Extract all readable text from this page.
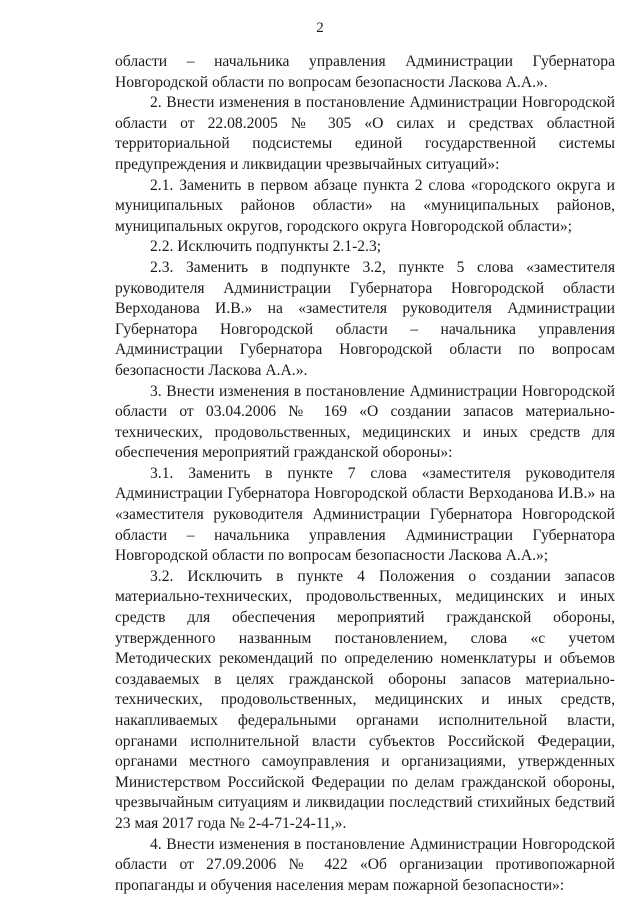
2

области – начальника управления Администрации Губернатора Новгородской области по вопросам безопасности Ласкова А.А.».

2. Внести изменения в постановление Администрации Новгородской области от 22.08.2005 № 305 «О силах и средствах областной территориальной подсистемы единой государственной системы предупреждения и ликвидации чрезвычайных ситуаций»:

2.1. Заменить в первом абзаце пункта 2 слова «городского округа и муниципальных районов области» на «муниципальных районов, муниципальных округов, городского округа Новгородской области»;

2.2. Исключить подпункты 2.1-2.3;

2.3. Заменить в подпункте 3.2, пункте 5 слова «заместителя руководителя Администрации Губернатора Новгородской области Верходанова И.В.» на «заместителя руководителя Администрации Губернатора Новгородской области – начальника управления Администрации Губернатора Новгородской области по вопросам безопасности Ласкова А.А.».

3. Внести изменения в постановление Администрации Новгородской области от 03.04.2006 № 169 «О создании запасов материально-технических, продовольственных, медицинских и иных средств для обеспечения мероприятий гражданской обороны»:

3.1. Заменить в пункте 7 слова «заместителя руководителя Администрации Губернатора Новгородской области Верходанова И.В.» на «заместителя руководителя Администрации Губернатора Новгородской области – начальника управления Администрации Губернатора Новгородской области по вопросам безопасности Ласкова А.А.»;

3.2. Исключить в пункте 4 Положения о создании запасов материально-технических, продовольственных, медицинских и иных средств для обеспечения мероприятий гражданской обороны, утвержденного названным постановлением, слова «с учетом Методических рекомендаций по определению номенклатуры и объемов создаваемых в целях гражданской обороны запасов материально-технических, продовольственных, медицинских и иных средств, накапливаемых федеральными органами исполнительной власти, органами исполнительной власти субъектов Российской Федерации, органами местного самоуправления и организациями, утвержденных Министерством Российской Федерации по делам гражданской обороны, чрезвычайным ситуациям и ликвидации последствий стихийных бедствий 23 мая 2017 года № 2-4-71-24-11,».

4. Внести изменения в постановление Администрации Новгородской области от 27.09.2006 № 422 «Об организации противопожарной пропаганды и обучения населения мерам пожарной безопасности»:
